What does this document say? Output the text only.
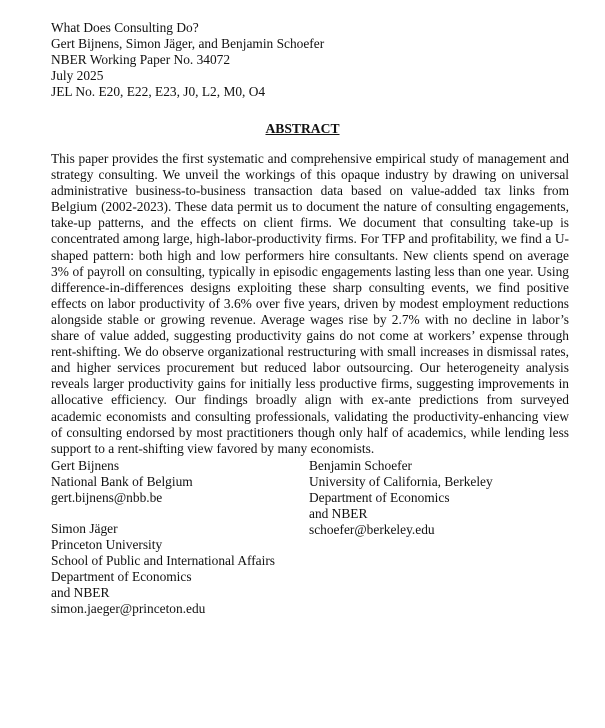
What Does Consulting Do?
Gert Bijnens, Simon Jäger, and Benjamin Schoefer
NBER Working Paper No. 34072
July 2025
JEL No. E20, E22, E23, J0, L2, M0, O4
ABSTRACT

This paper provides the first systematic and comprehensive empirical study of management and strategy consulting. We unveil the workings of this opaque industry by drawing on universal administrative business-to-business transaction data based on value-added tax links from Belgium (2002-2023). These data permit us to document the nature of consulting engagements, take-up patterns, and the effects on client firms. We document that consulting take-up is concentrated among large, high-labor-productivity firms. For TFP and profitability, we find a U-shaped pattern: both high and low performers hire consultants. New clients spend on average 3% of payroll on consulting, typically in episodic engagements lasting less than one year. Using difference-in-differences designs exploiting these sharp consulting events, we find positive effects on labor productivity of 3.6% over five years, driven by modest employment reductions alongside stable or growing revenue. Average wages rise by 2.7% with no decline in labor’s share of value added, suggesting productivity gains do not come at workers’ expense through rent-shifting. We do observe organizational restructuring with small increases in dismissal rates, and higher services procurement but reduced labor outsourcing. Our heterogeneity analysis reveals larger productivity gains for initially less productive firms, suggesting improvements in allocative efficiency. Our findings broadly align with ex-ante predictions from surveyed academic economists and consulting professionals, validating the productivity-enhancing view of consulting endorsed by most practitioners though only half of academics, while lending less support to a rent-shifting view favored by many economists.

Gert Bijnens
National Bank of Belgium
gert.bijnens@nbb.be
Simon Jäger
Princeton University
School of Public and International Affairs
Department of Economics
and NBER
simon.jaeger@princeton.edu
Benjamin Schoefer
University of California, Berkeley
Department of Economics
and NBER
schoefer@berkeley.edu
